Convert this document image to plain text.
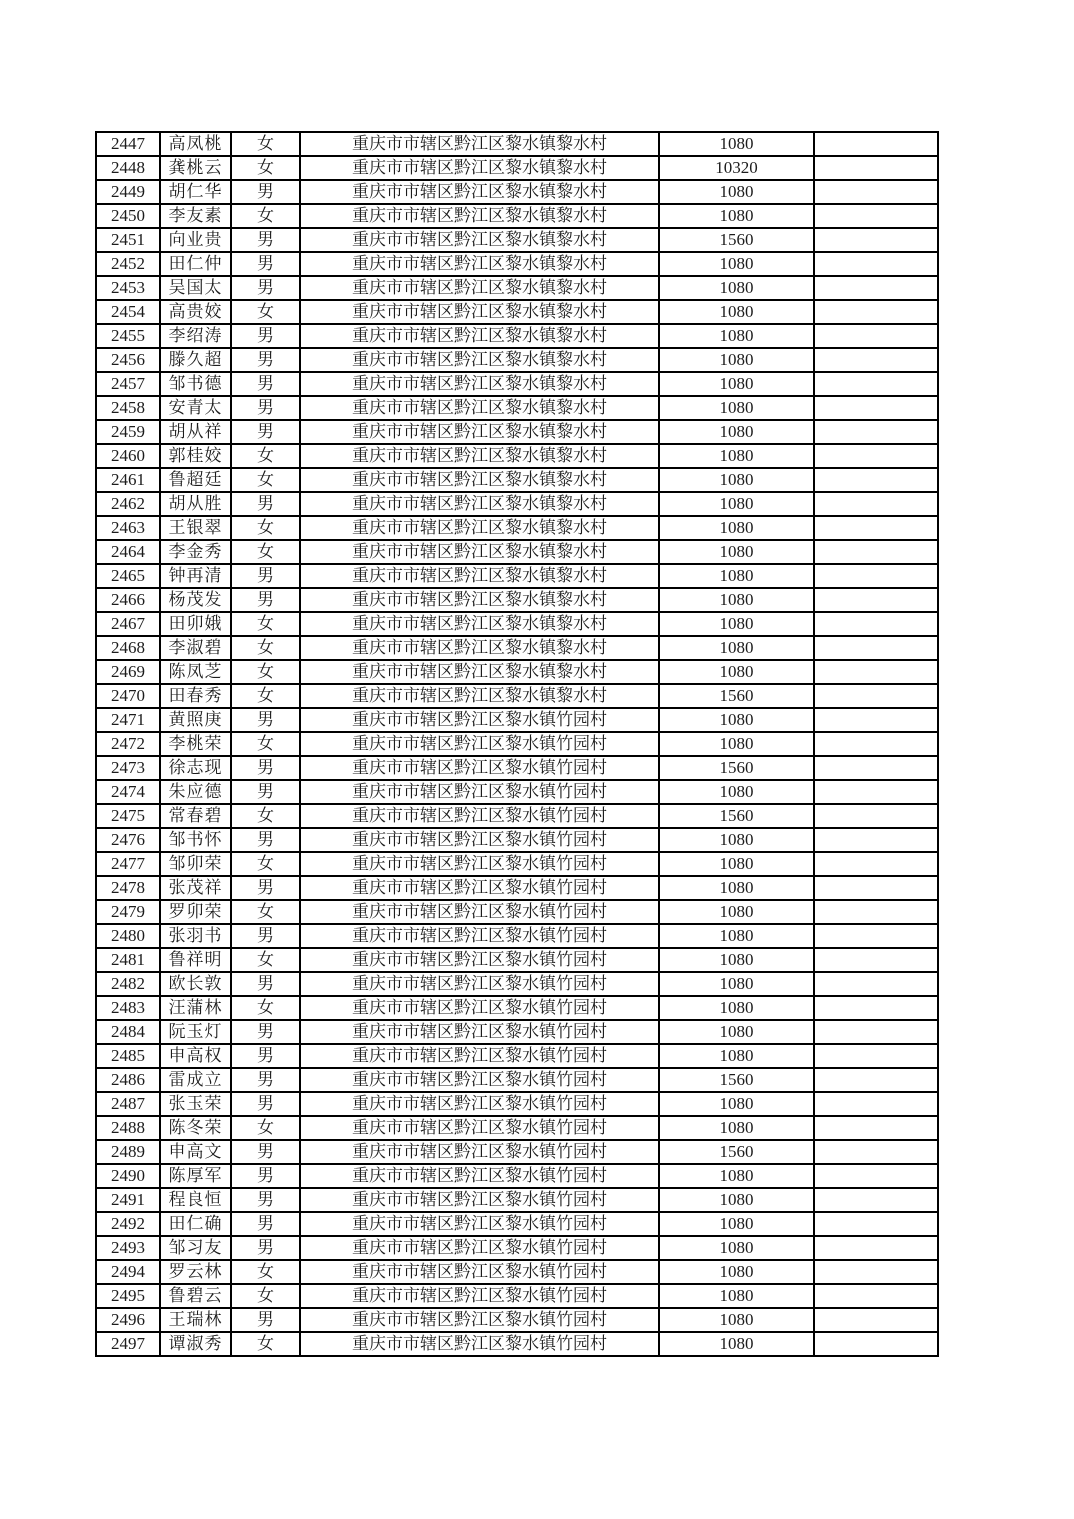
2447	高凤桃	女	重庆市市辖区黔江区黎水镇黎水村	1080	
2448	龚桃云	女	重庆市市辖区黔江区黎水镇黎水村	10320	
2449	胡仁华	男	重庆市市辖区黔江区黎水镇黎水村	1080	
2450	李友素	女	重庆市市辖区黔江区黎水镇黎水村	1080	
2451	向业贵	男	重庆市市辖区黔江区黎水镇黎水村	1560	
2452	田仁仲	男	重庆市市辖区黔江区黎水镇黎水村	1080	
2453	吴国太	男	重庆市市辖区黔江区黎水镇黎水村	1080	
2454	高贵姣	女	重庆市市辖区黔江区黎水镇黎水村	1080	
2455	李绍涛	男	重庆市市辖区黔江区黎水镇黎水村	1080	
2456	滕久超	男	重庆市市辖区黔江区黎水镇黎水村	1080	
2457	邹书德	男	重庆市市辖区黔江区黎水镇黎水村	1080	
2458	安青太	男	重庆市市辖区黔江区黎水镇黎水村	1080	
2459	胡从祥	男	重庆市市辖区黔江区黎水镇黎水村	1080	
2460	郭桂姣	女	重庆市市辖区黔江区黎水镇黎水村	1080	
2461	鲁超廷	女	重庆市市辖区黔江区黎水镇黎水村	1080	
2462	胡从胜	男	重庆市市辖区黔江区黎水镇黎水村	1080	
2463	王银翠	女	重庆市市辖区黔江区黎水镇黎水村	1080	
2464	李金秀	女	重庆市市辖区黔江区黎水镇黎水村	1080	
2465	钟再清	男	重庆市市辖区黔江区黎水镇黎水村	1080	
2466	杨茂发	男	重庆市市辖区黔江区黎水镇黎水村	1080	
2467	田卯娥	女	重庆市市辖区黔江区黎水镇黎水村	1080	
2468	李淑碧	女	重庆市市辖区黔江区黎水镇黎水村	1080	
2469	陈凤芝	女	重庆市市辖区黔江区黎水镇黎水村	1080	
2470	田春秀	女	重庆市市辖区黔江区黎水镇黎水村	1560	
2471	黄照庚	男	重庆市市辖区黔江区黎水镇竹园村	1080	
2472	李桃荣	女	重庆市市辖区黔江区黎水镇竹园村	1080	
2473	徐志现	男	重庆市市辖区黔江区黎水镇竹园村	1560	
2474	朱应德	男	重庆市市辖区黔江区黎水镇竹园村	1080	
2475	常春碧	女	重庆市市辖区黔江区黎水镇竹园村	1560	
2476	邹书怀	男	重庆市市辖区黔江区黎水镇竹园村	1080	
2477	邹卯荣	女	重庆市市辖区黔江区黎水镇竹园村	1080	
2478	张茂祥	男	重庆市市辖区黔江区黎水镇竹园村	1080	
2479	罗卯荣	女	重庆市市辖区黔江区黎水镇竹园村	1080	
2480	张羽书	男	重庆市市辖区黔江区黎水镇竹园村	1080	
2481	鲁祥明	女	重庆市市辖区黔江区黎水镇竹园村	1080	
2482	欧长敦	男	重庆市市辖区黔江区黎水镇竹园村	1080	
2483	汪蒲林	女	重庆市市辖区黔江区黎水镇竹园村	1080	
2484	阮玉灯	男	重庆市市辖区黔江区黎水镇竹园村	1080	
2485	申高权	男	重庆市市辖区黔江区黎水镇竹园村	1080	
2486	雷成立	男	重庆市市辖区黔江区黎水镇竹园村	1560	
2487	张玉荣	男	重庆市市辖区黔江区黎水镇竹园村	1080	
2488	陈冬荣	女	重庆市市辖区黔江区黎水镇竹园村	1080	
2489	申高文	男	重庆市市辖区黔江区黎水镇竹园村	1560	
2490	陈厚军	男	重庆市市辖区黔江区黎水镇竹园村	1080	
2491	程良恒	男	重庆市市辖区黔江区黎水镇竹园村	1080	
2492	田仁确	男	重庆市市辖区黔江区黎水镇竹园村	1080	
2493	邹习友	男	重庆市市辖区黔江区黎水镇竹园村	1080	
2494	罗云林	女	重庆市市辖区黔江区黎水镇竹园村	1080	
2495	鲁碧云	女	重庆市市辖区黔江区黎水镇竹园村	1080	
2496	王瑞林	男	重庆市市辖区黔江区黎水镇竹园村	1080	
2497	谭淑秀	女	重庆市市辖区黔江区黎水镇竹园村	1080	
